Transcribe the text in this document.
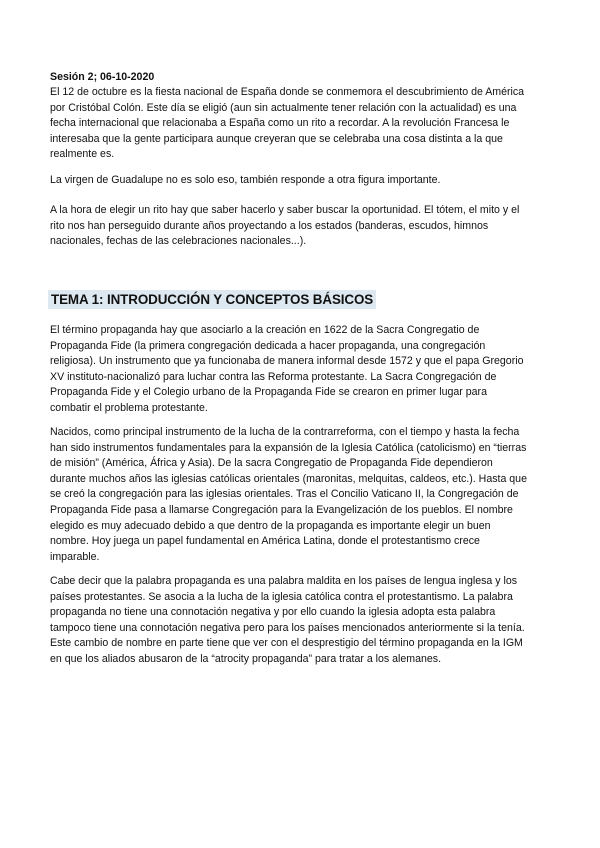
Sesión 2; 06-10-2020
El 12 de octubre es la fiesta nacional de España donde se conmemora el descubrimiento de América
por Cristóbal Colón. Este día se eligió (aun sin actualmente tener relación con la actualidad) es una
fecha internacional que relacionaba a España como un rito a recordar. A la revolución Francesa le
interesaba que la gente participara aunque creyeran que se celebraba una cosa distinta a la que
realmente es.
La virgen de Guadalupe no es solo eso, también responde a otra figura importante.
A la hora de elegir un rito hay que saber hacerlo y saber buscar la oportunidad. El tótem, el mito y el
rito nos han perseguido durante años proyectando a los estados (banderas, escudos, himnos
nacionales, fechas de las celebraciones nacionales...).
TEMA 1: INTRODUCCIÓN Y CONCEPTOS BÁSICOS
El término propaganda hay que asociarlo a la creación en 1622 de la Sacra Congregatio de
Propaganda Fide (la primera congregación dedicada a hacer propaganda, una congregación
religiosa). Un instrumento que ya funcionaba de manera informal desde 1572 y que el papa Gregorio
XV instituto-nacionalizó para luchar contra las Reforma protestante. La Sacra Congregación de
Propaganda Fide y el Colegio urbano de la Propaganda Fide se crearon en primer lugar para
combatir el problema protestante.
Nacidos, como principal instrumento de la lucha de la contrarreforma, con el tiempo y hasta la fecha
han sido instrumentos fundamentales para la expansión de la Iglesia Católica (catolicismo) en “tierras
de misión” (América, África y Asia). De la sacra Congregatio de Propaganda Fide dependieron
durante muchos años las iglesias católicas orientales (maronitas, melquitas, caldeos, etc.). Hasta que
se creó la congregación para las iglesias orientales. Tras el Concilio Vaticano II, la Congregación de
Propaganda Fide pasa a llamarse Congregación para la Evangelización de los pueblos. El nombre
elegido es muy adecuado debido a que dentro de la propaganda es importante elegir un buen
nombre. Hoy juega un papel fundamental en América Latina, donde el protestantismo crece
imparable.
Cabe decir que la palabra propaganda es una palabra maldita en los países de lengua inglesa y los
países protestantes. Se asocia a la lucha de la iglesia católica contra el protestantismo. La palabra
propaganda no tiene una connotación negativa y por ello cuando la iglesia adopta esta palabra
tampoco tiene una connotación negativa pero para los países mencionados anteriormente si la tenía.
Este cambio de nombre en parte tiene que ver con el desprestigio del término propaganda en la IGM
en que los aliados abusaron de la “atrocity propaganda” para tratar a los alemanes.
